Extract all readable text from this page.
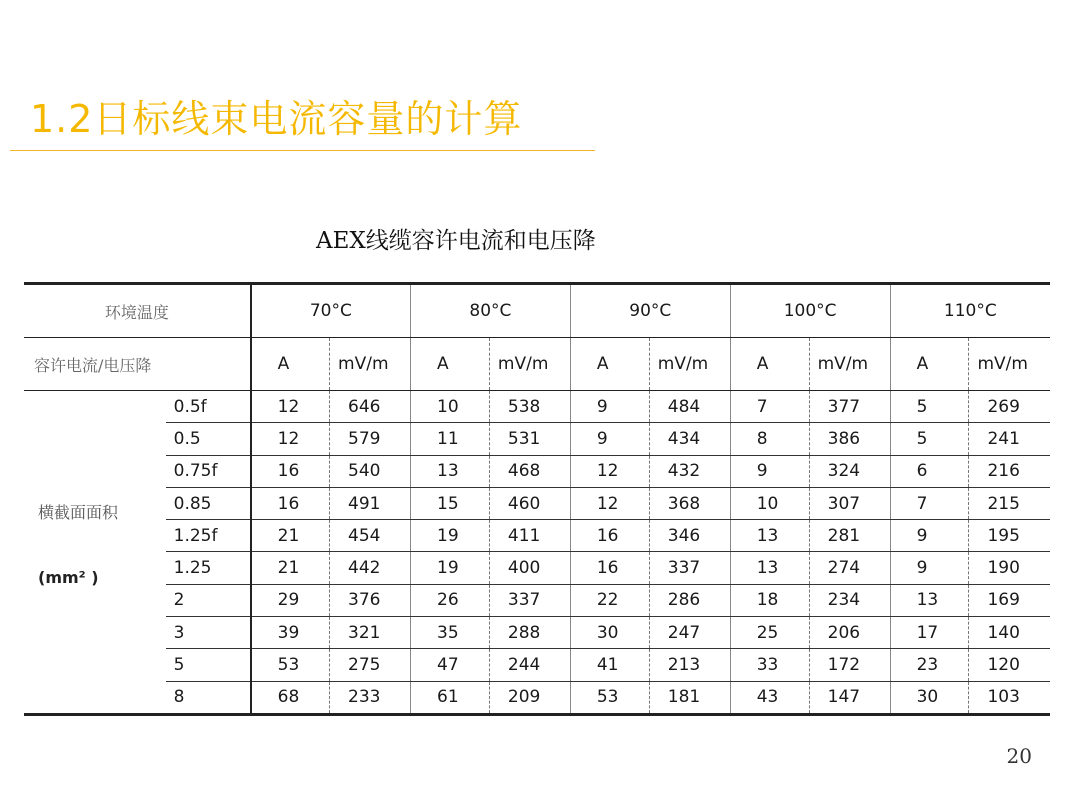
1.2日标线束电流容量的计算
AEX线缆容许电流和电压降
环境温度		70°C		80°C		90°C		100°C		110°C	
容许电流/电压降		A	mV/m	A	mV/m	A	mV/m	A	mV/m	A	mV/m
	0.5f	12	646	10	538	9	484	7	377	5	269
	0.5	12	579	11	531	9	434	8	386	5	241
	0.75f	16	540	13	468	12	432	9	324	6	216
	0.85	16	491	15	460	12	368	10	307	7	215
	1.25f	21	454	19	411	16	346	13	281	9	195
	1.25	21	442	19	400	16	337	13	274	9	190
	2	29	376	26	337	22	286	18	234	13	169
	3	39	321	35	288	30	247	25	206	17	140
	5	53	275	47	244	41	213	33	172	23	120
	8	68	233	61	209	53	181	43	147	30	103
横截面面积
(mm² )
20
